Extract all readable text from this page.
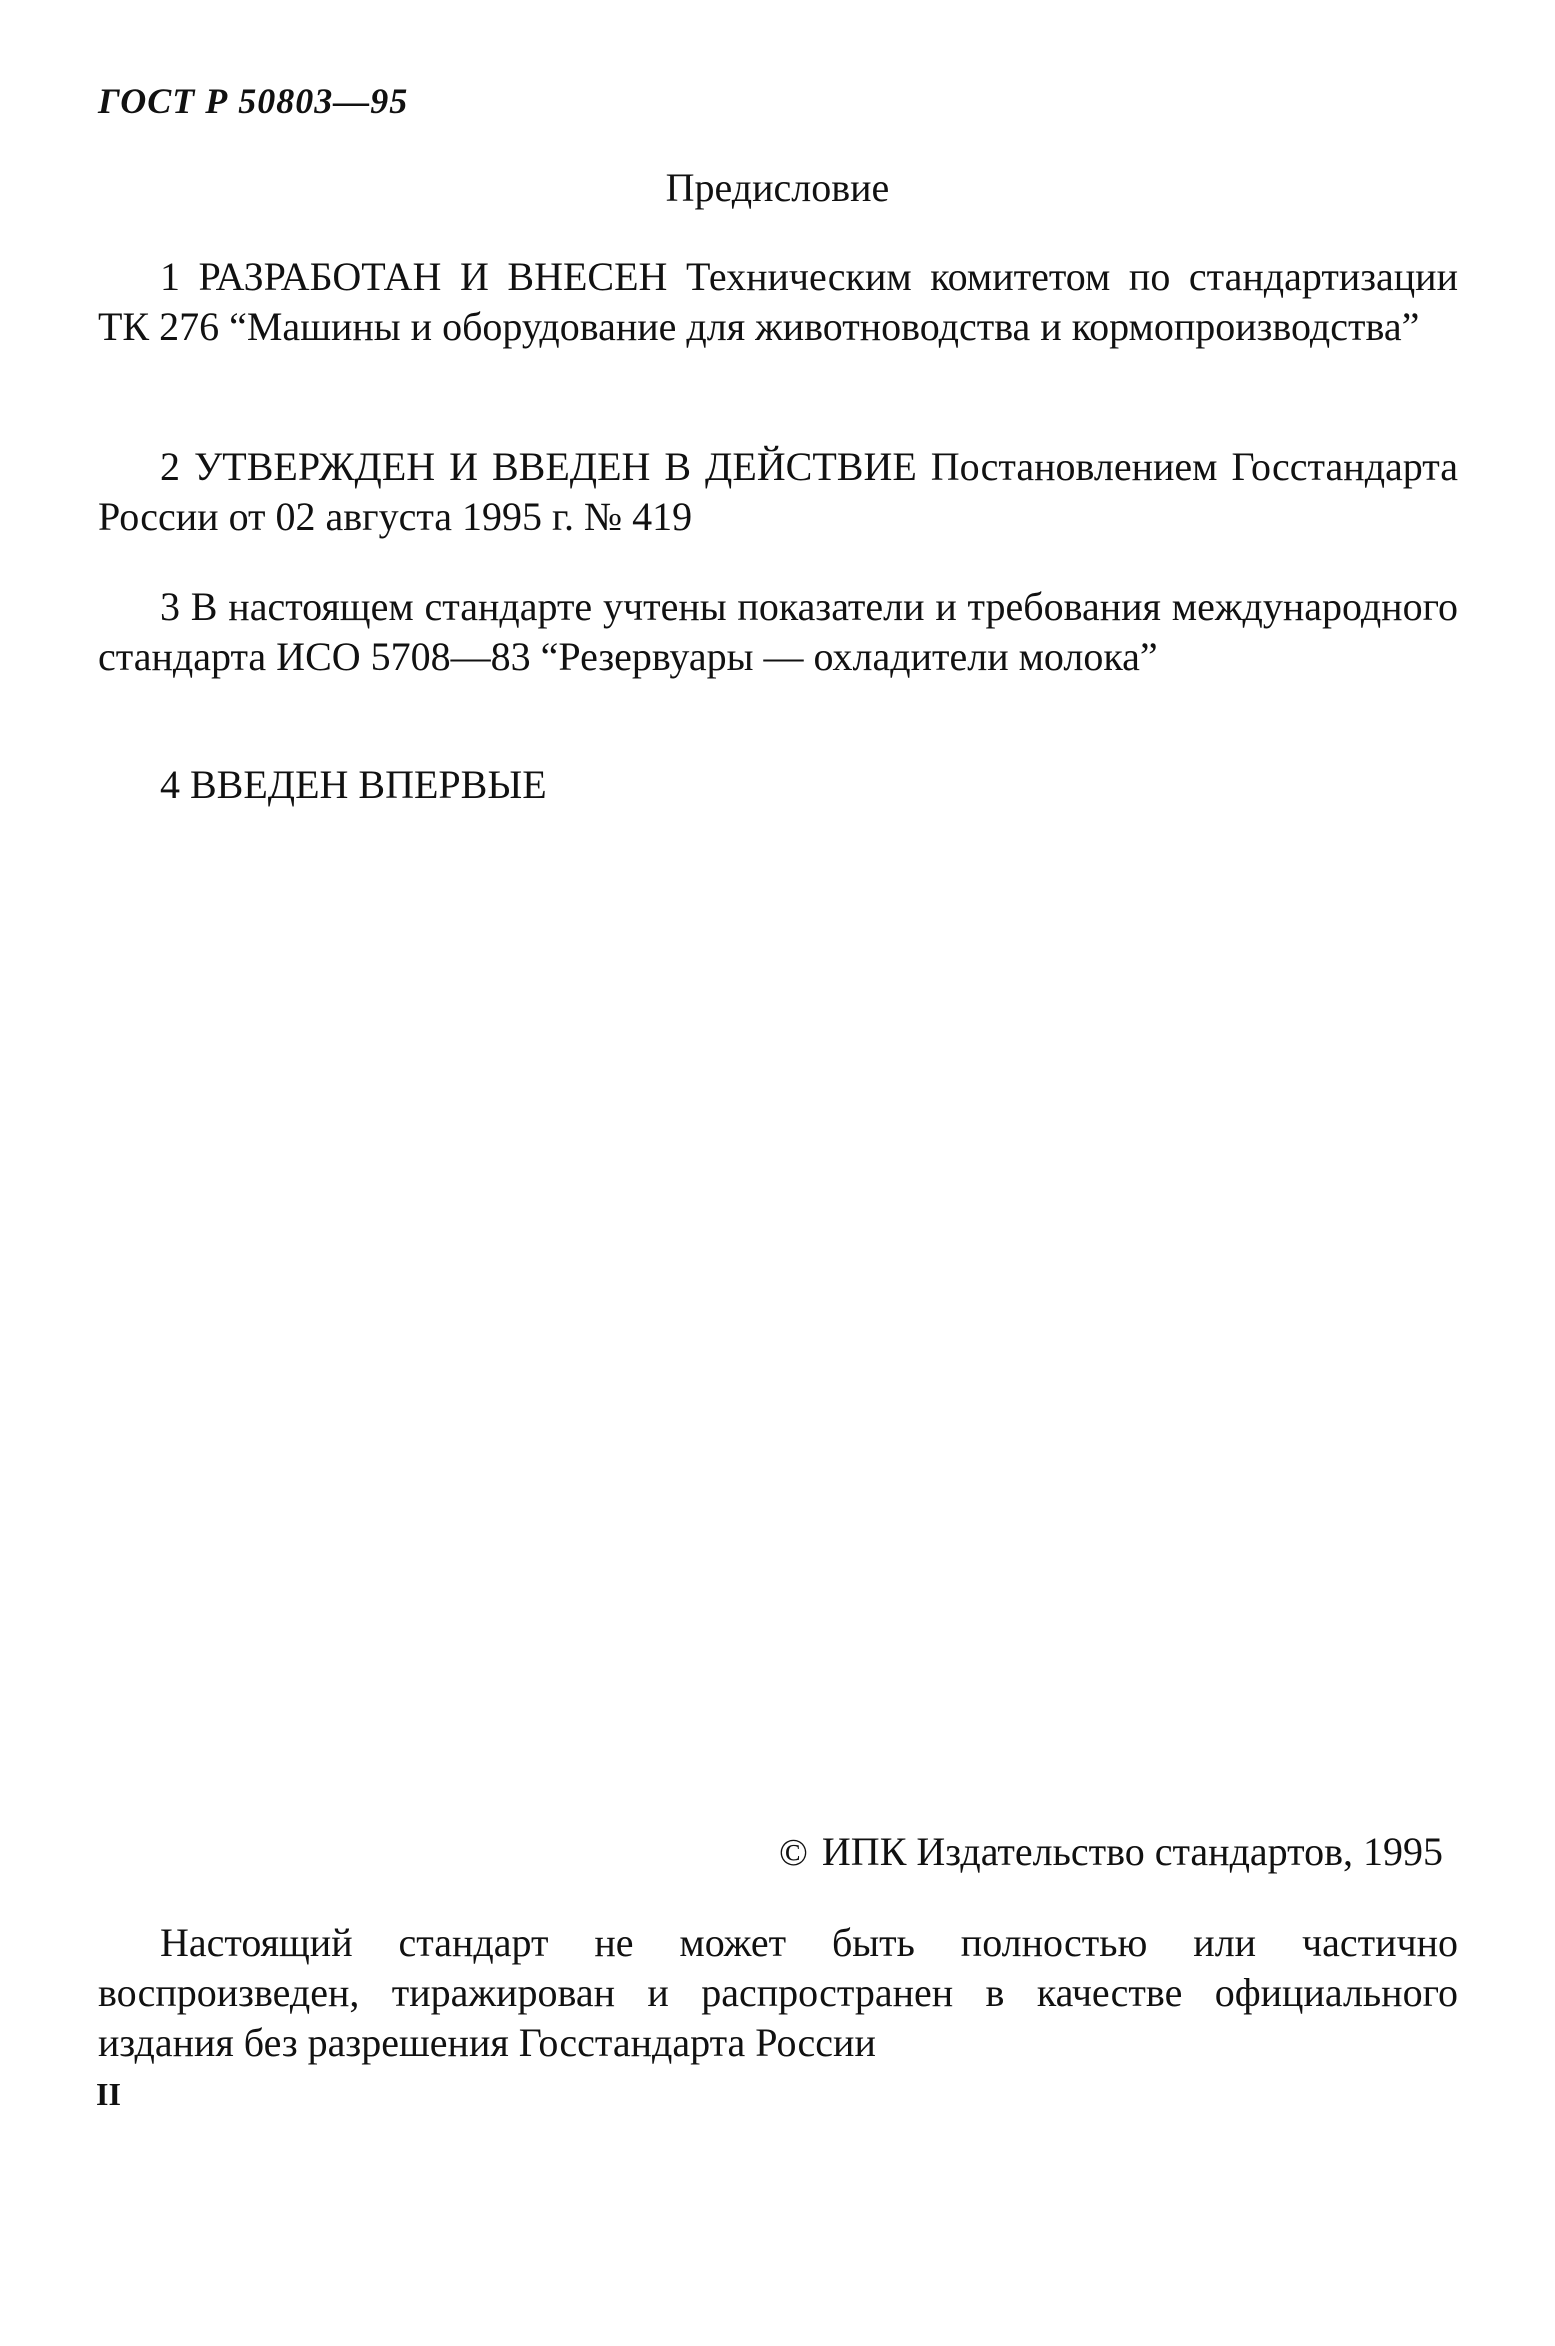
ГОСТ Р 50803—95
Предисловие
1 РАЗРАБОТАН И ВНЕСЕН Техническим комитетом по стандартизации ТК 276 “Машины и оборудование для животноводства и кормопроизводства”
2 УТВЕРЖДЕН И ВВЕДЕН В ДЕЙСТВИЕ Постановлением Госстандарта России от 02 августа 1995 г. № 419
3 В настоящем стандарте учтены показатели и требования международного стандарта ИСО 5708—83 “Резервуары — охладители молока”
4 ВВЕДЕН ВПЕРВЫЕ
© ИПК Издательство стандартов, 1995
Настоящий стандарт не может быть полностью или частично воспроизведен, тиражирован и распространен в качестве официального издания без разрешения Госстандарта России
II
